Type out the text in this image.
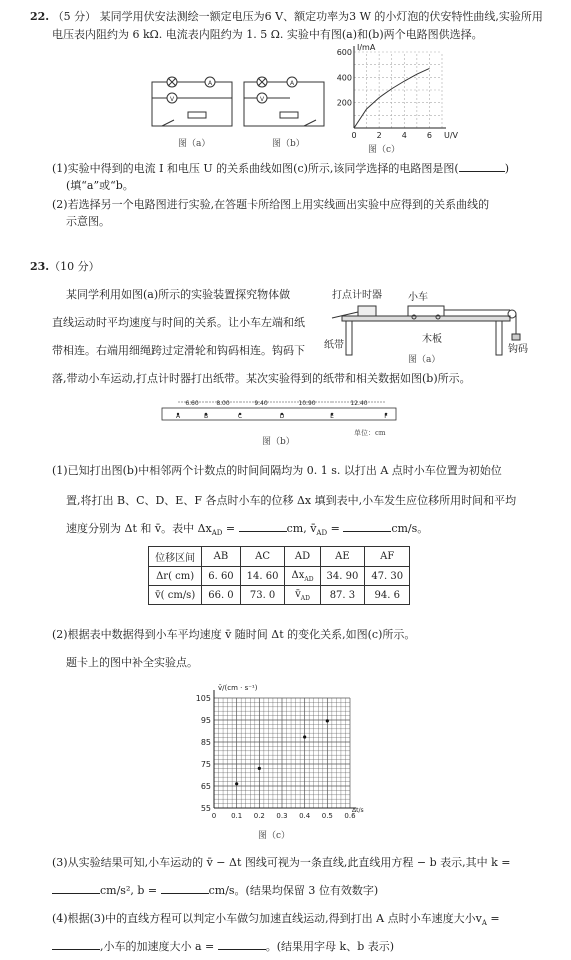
22. （5 分） 某同学用伏安法测绘一额定电压为6 V、额定功率为3 W 的小灯泡的伏安特性曲线,实验所用
电压表内阻约为 6 kΩ. 电流表内阻约为 1. 5 Ω. 实验中有图(a)和(b)两个电路图供选择。
A
V
图（a）
A
V
图（b）
0	2	4	6
200
400
600
I/mA
U/V
图（c）
(1)实验中得到的电流 I 和电压 U 的关系曲线如图(c)所示,该同学选择的电路图是图(	)
(填“a”或“b。
(2)若选择另一个电路图进行实验,在答题卡所给图上用实线画出实验中应得到的关系曲线的
示意图。
23.（10 分）
某同学利用如图(a)所示的实验装置探究物体做
直线运动时平均速度与时间的关系。让小车左端和纸
带相连。右端用细绳跨过定滑轮和钩码相连。钩码下
落,带动小车运动,打点计时器打出纸带。某次实验得到的纸带和相关数据如图(b)所示。
打点计时器	小车
木板
纸带	钩码
图（a）
A	B	C	D	E	F
6.60	8.00	9.40	10.90	12.40
单位：cm
图（b）
(1)已知打出图(b)中相邻两个计数点的时间间隔均为 0. 1 s. 以打出 A 点时小车位置为初始位
置,将打出 B、C、D、E、F 各点时小车的位移 Δx 填到表中,小车发生应位移所用时间和平均
速度分别为 Δt 和 v̄。表中 $\Delta x_{AD}$ =	cm, $v̄_{AD}$ =	cm/s。
位移区间	AB	AC	AD	AE	AF
Δr( cm)	6. 60	14. 60	$\Delta x_{AD}$	34. 90	47. 30
v̄( cm/s)	66. 0	73. 0	$v̄_{AD}$	87. 3	94. 6
(2)根据表中数据得到小车平均速度 v̄ 随时间 Δt 的变化关系,如图(c)所示。
题卡上的图中补全实验点。
0 0.1 0.2 0.3 0.4 0.5 0.6
55
65
75
85
95
105
v̄/(cm · s⁻¹)
Δt/s
图（c）
(3)从实验结果可知,小车运动的 v̄ − Δt 图线可视为一条直线,此直线用方程 − b 表示,其中 k =
cm/s², b =	cm/s。(结果均保留 3 位有效数字)
(4)根据(3)中的直线方程可以判定小车做匀加速直线运动,得到打出 A 点时小车速度大小$v_A$ =
,小车的加速度大小 a =	。(结果用字母 k、b 表示)
